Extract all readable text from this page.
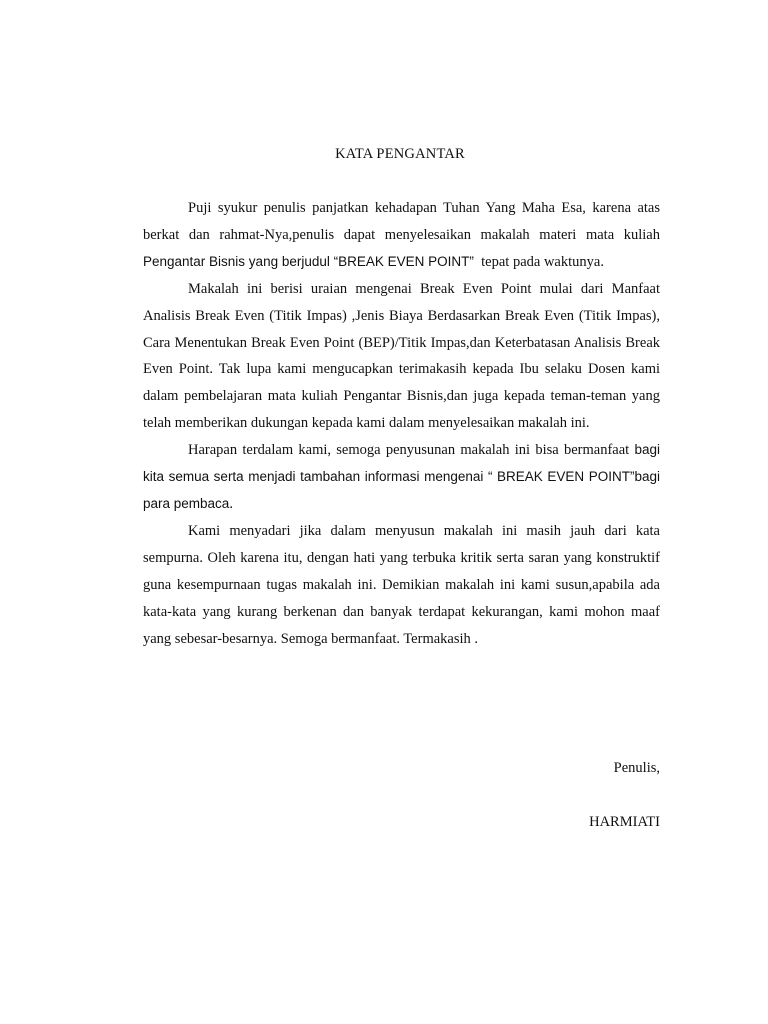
KATA PENGANTAR

Puji syukur penulis panjatkan kehadapan Tuhan Yang Maha Esa, karena atas berkat dan rahmat-Nya,penulis dapat menyelesaikan makalah materi mata kuliah Pengantar Bisnis yang berjudul “BREAK EVEN POINT”  tepat pada waktunya.

Makalah ini berisi uraian mengenai Break Even Point mulai dari Manfaat Analisis Break Even (Titik Impas) ,Jenis Biaya Berdasarkan Break Even (Titik Impas), Cara Menentukan Break Even Point (BEP)/Titik Impas,dan Keterbatasan Analisis Break Even Point. Tak lupa kami mengucapkan terimakasih kepada Ibu selaku Dosen kami dalam pembelajaran mata kuliah Pengantar Bisnis,dan juga kepada teman-teman yang telah memberikan dukungan kepada kami dalam menyelesaikan makalah ini.

Harapan terdalam kami, semoga penyusunan makalah ini bisa bermanfaat bagi kita semua serta menjadi tambahan informasi mengenai “ BREAK EVEN POINT”bagi para pembaca.

Kami menyadari jika dalam menyusun makalah ini masih jauh dari kata sempurna. Oleh karena itu, dengan hati yang terbuka kritik serta saran yang konstruktif guna kesempurnaan tugas makalah ini. Demikian makalah ini kami susun,apabila ada kata-kata yang kurang berkenan dan banyak terdapat kekurangan, kami mohon maaf yang sebesar-besarnya. Semoga bermanfaat. Termakasih .

Penulis,
HARMIATI
